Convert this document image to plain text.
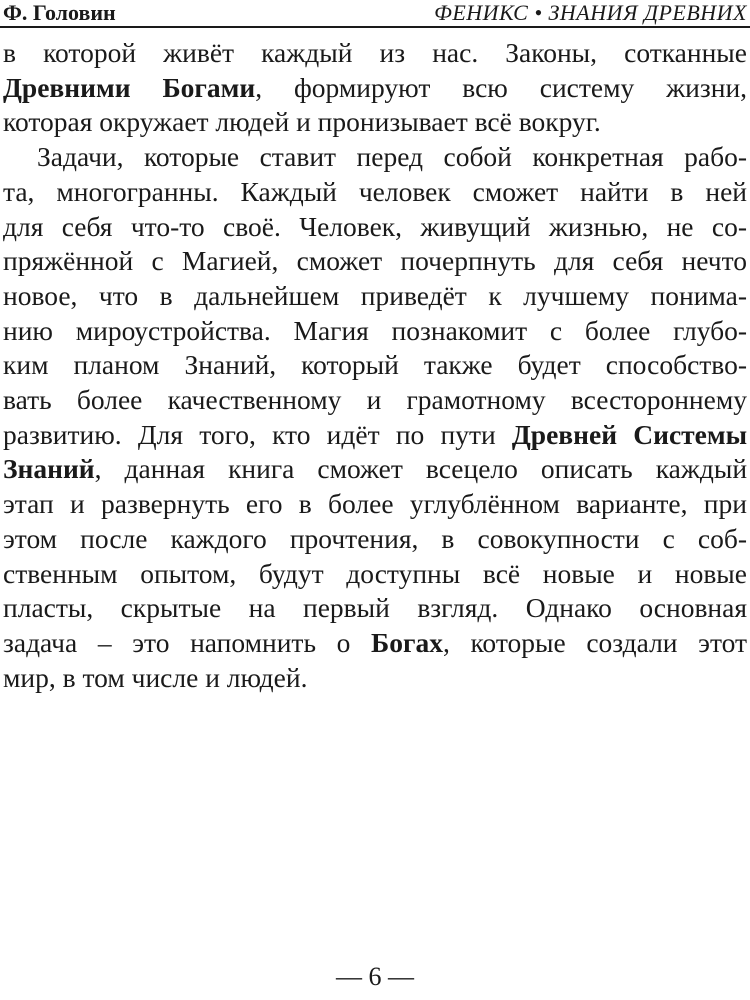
Ф. Головин	ФЕНИКС • ЗНАНИЯ ДРЕВНИХ
в которой живёт каждый из нас. Законы, сотканные
Древними Богами, формируют всю систему жизни,
которая окружает людей и пронизывает всё вокруг.
Задачи, которые ставит перед собой конкретная рабо-
та, многогранны. Каждый человек сможет найти в ней
для себя что-то своё. Человек, живущий жизнью, не со-
пряжённой с Магией, сможет почерпнуть для себя нечто
новое, что в дальнейшем приведёт к лучшему понима-
нию мироустройства. Магия познакомит с более глубо-
ким планом Знаний, который также будет способство-
вать более качественному и грамотному всестороннему
развитию. Для того, кто идёт по пути Древней Системы
Знаний, данная книга сможет всецело описать каждый
этап и развернуть его в более углублённом варианте, при
этом после каждого прочтения, в совокупности с соб-
ственным опытом, будут доступны всё новые и новые
пласты, скрытые на первый взгляд. Однако основная
задача – это напомнить о Богах, которые создали этот
мир, в том числе и людей.
— 6 —
